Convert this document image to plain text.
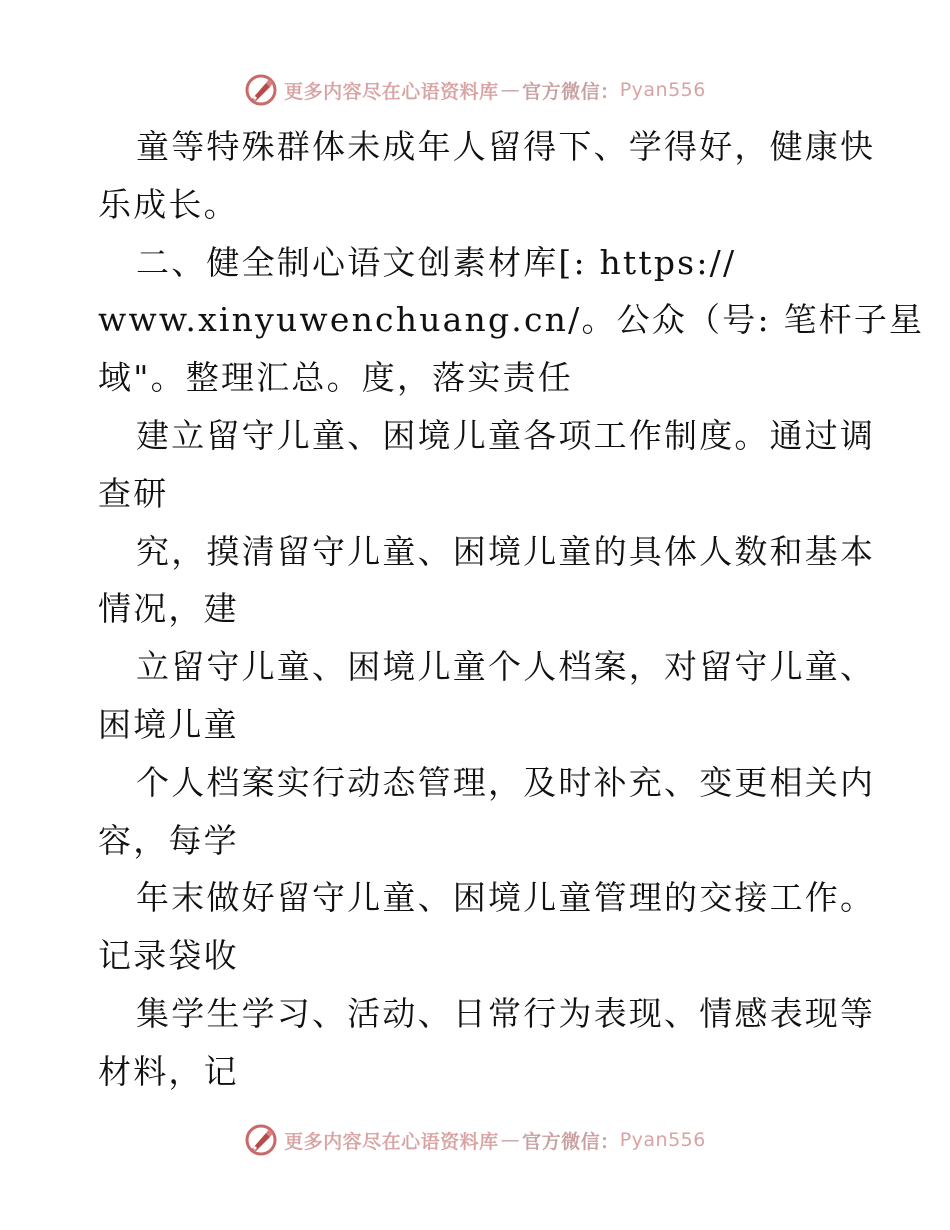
更多内容尽在心语资料库 — 官方微信： Pyan556
童等特殊群体未成年人留得下、学得好，健康快
乐成长。
二、健全制心语文创素材库[: https://
www.xinyuwenchuang.cn/。公众（号: 笔杆子星
域"。整理汇总。度，落实责任
建立留守儿童、困境儿童各项工作制度。通过调
查研
究，摸清留守儿童、困境儿童的具体人数和基本
情况，建
立留守儿童、困境儿童个人档案，对留守儿童、
困境儿童
个人档案实行动态管理，及时补充、变更相关内
容，每学
年末做好留守儿童、困境儿童管理的交接工作。
记录袋收
集学生学习、活动、日常行为表现、情感表现等
材料，记
更多内容尽在心语资料库 — 官方微信： Pyan556
